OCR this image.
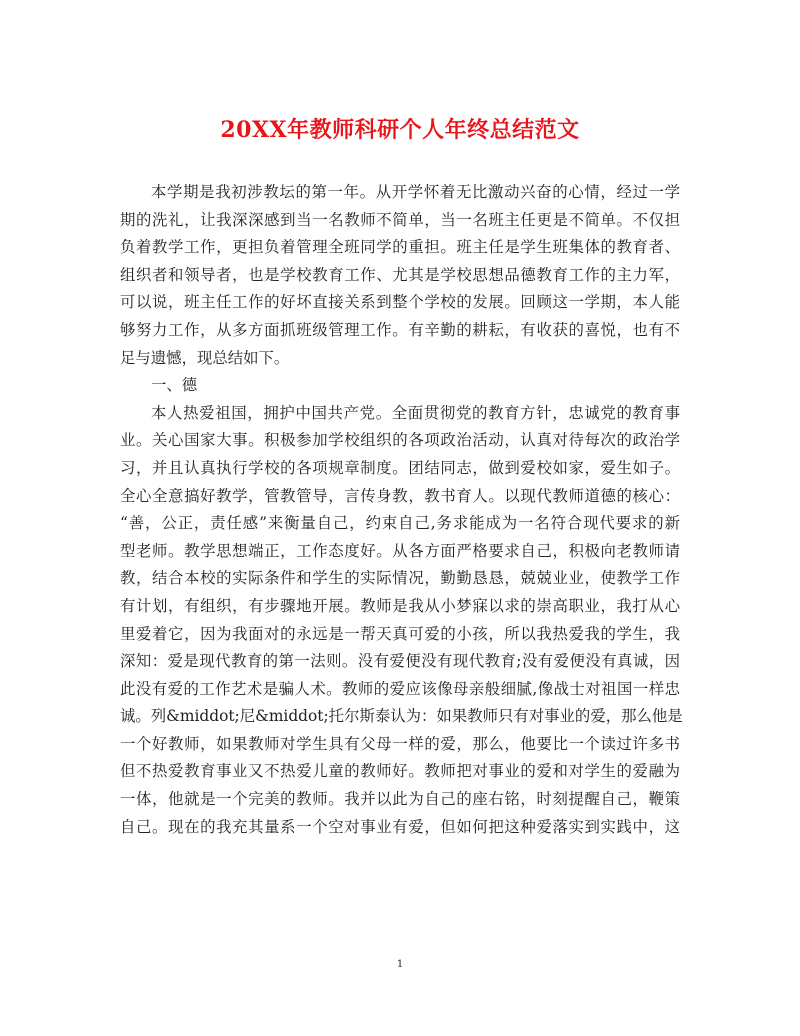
20XX年教师科研个人年终总结范文
本学期是我初涉教坛的第一年。从开学怀着无比激动兴奋的心情，经过一学
期的洗礼，让我深深感到当一名教师不简单，当一名班主任更是不简单。不仅担
负着教学工作，更担负着管理全班同学的重担。班主任是学生班集体的教育者、
组织者和领导者，也是学校教育工作、尤其是学校思想品德教育工作的主力军，
可以说，班主任工作的好坏直接关系到整个学校的发展。回顾这一学期，本人能
够努力工作，从多方面抓班级管理工作。有辛勤的耕耘，有收获的喜悦，也有不
足与遗憾，现总结如下。
一、德
本人热爱祖国，拥护中国共产党。全面贯彻党的教育方针，忠诚党的教育事
业。关心国家大事。积极参加学校组织的各项政治活动，认真对待每次的政治学
习，并且认真执行学校的各项规章制度。团结同志，做到爱校如家，爱生如子。
全心全意搞好教学，管教管导，言传身教，教书育人。以现代教师道德的核心：
“善，公正，责任感”来衡量自己，约束自己,务求能成为一名符合现代要求的新
型老师。教学思想端正，工作态度好。从各方面严格要求自己，积极向老教师请
教，结合本校的实际条件和学生的实际情况，勤勤恳恳，兢兢业业，使教学工作
有计划，有组织，有步骤地开展。教师是我从小梦寐以求的崇高职业，我打从心
里爱着它，因为我面对的永远是一帮天真可爱的小孩，所以我热爱我的学生，我
深知：爱是现代教育的第一法则。没有爱便没有现代教育;没有爱便没有真诚，因
此没有爱的工作艺术是骗人术。教师的爱应该像母亲般细腻,像战士对祖国一样忠
诚。列&middot;尼&middot;托尔斯泰认为：如果教师只有对事业的爱，那么他是
一个好教师，如果教师对学生具有父母一样的爱，那么，他要比一个读过许多书
但不热爱教育事业又不热爱儿童的教师好。教师把对事业的爱和对学生的爱融为
一体，他就是一个完美的教师。我并以此为自己的座右铭，时刻提醒自己，鞭策
自己。现在的我充其量系一个空对事业有爱，但如何把这种爱落实到实践中，这
1
